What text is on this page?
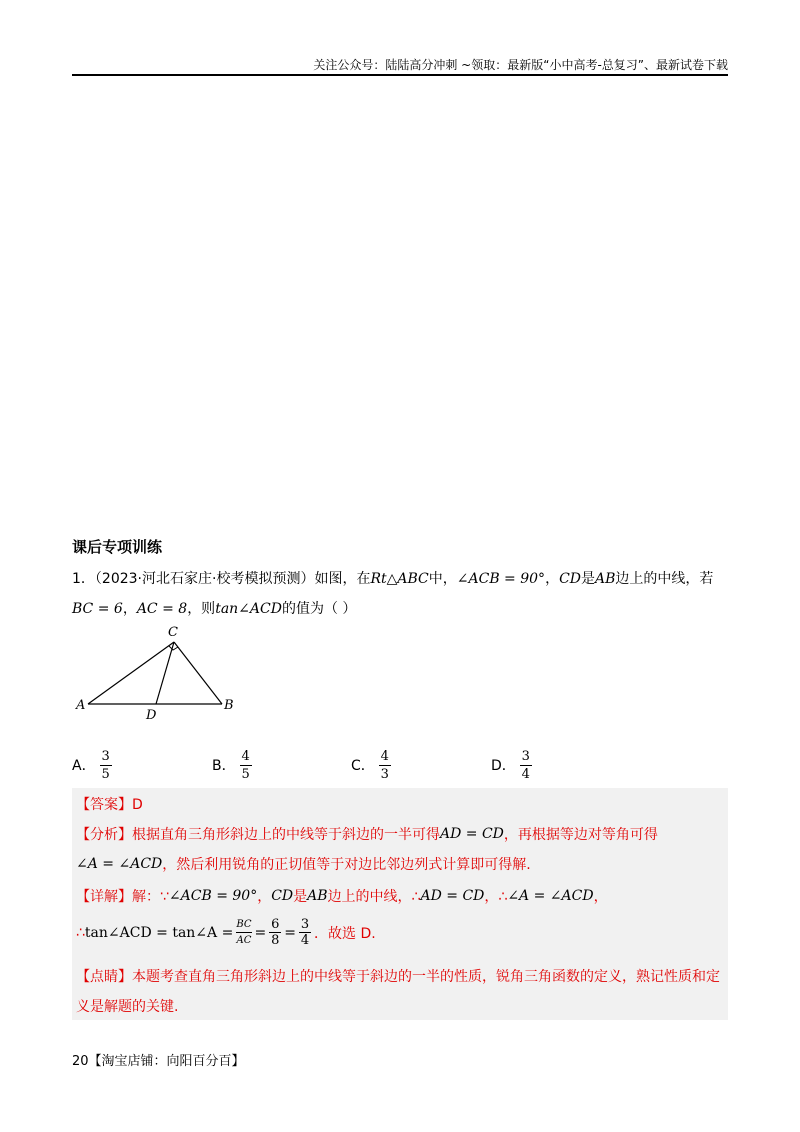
关注公众号：陆陆高分冲刺 ~领取：最新版“小中高考-总复习”、最新试卷下载
课后专项训练
1．（2023·河北石家庄·校考模拟预测）如图，在Rt△ABC中，∠ACB = 90°，CD是AB边上的中线，若
BC = 6，AC = 8，则tan∠ACD的值为（ ）
A	B
C
D
A． $\frac{3}{5}$	B． $\frac{4}{5}$	C． $\frac{4}{3}$	D． $\frac{3}{4}$
【答案】D
【分析】根据直角三角形斜边上的中线等于斜边的一半可得 AD = CD ，再根据等边对等角可得
∠A = ∠ACD ，然后利用锐角的正切值等于对边比邻边列式计算即可得解.
【详解】解：∵ ∠ACB = 90° ， CD 是 AB 边上的中线，∴ AD = CD ，∴ ∠A = ∠ACD ，
∴ tan∠ACD = tan∠A = $\frac{BC}{AC} = \frac{6}{8} = \frac{3}{4}$ ．故选 D.
【点睛】本题考查直角三角形斜边上的中线等于斜边的一半的性质，锐角三角函数的定义，熟记性质和定
义是解题的关键.
20【淘宝店铺：向阳百分百】
